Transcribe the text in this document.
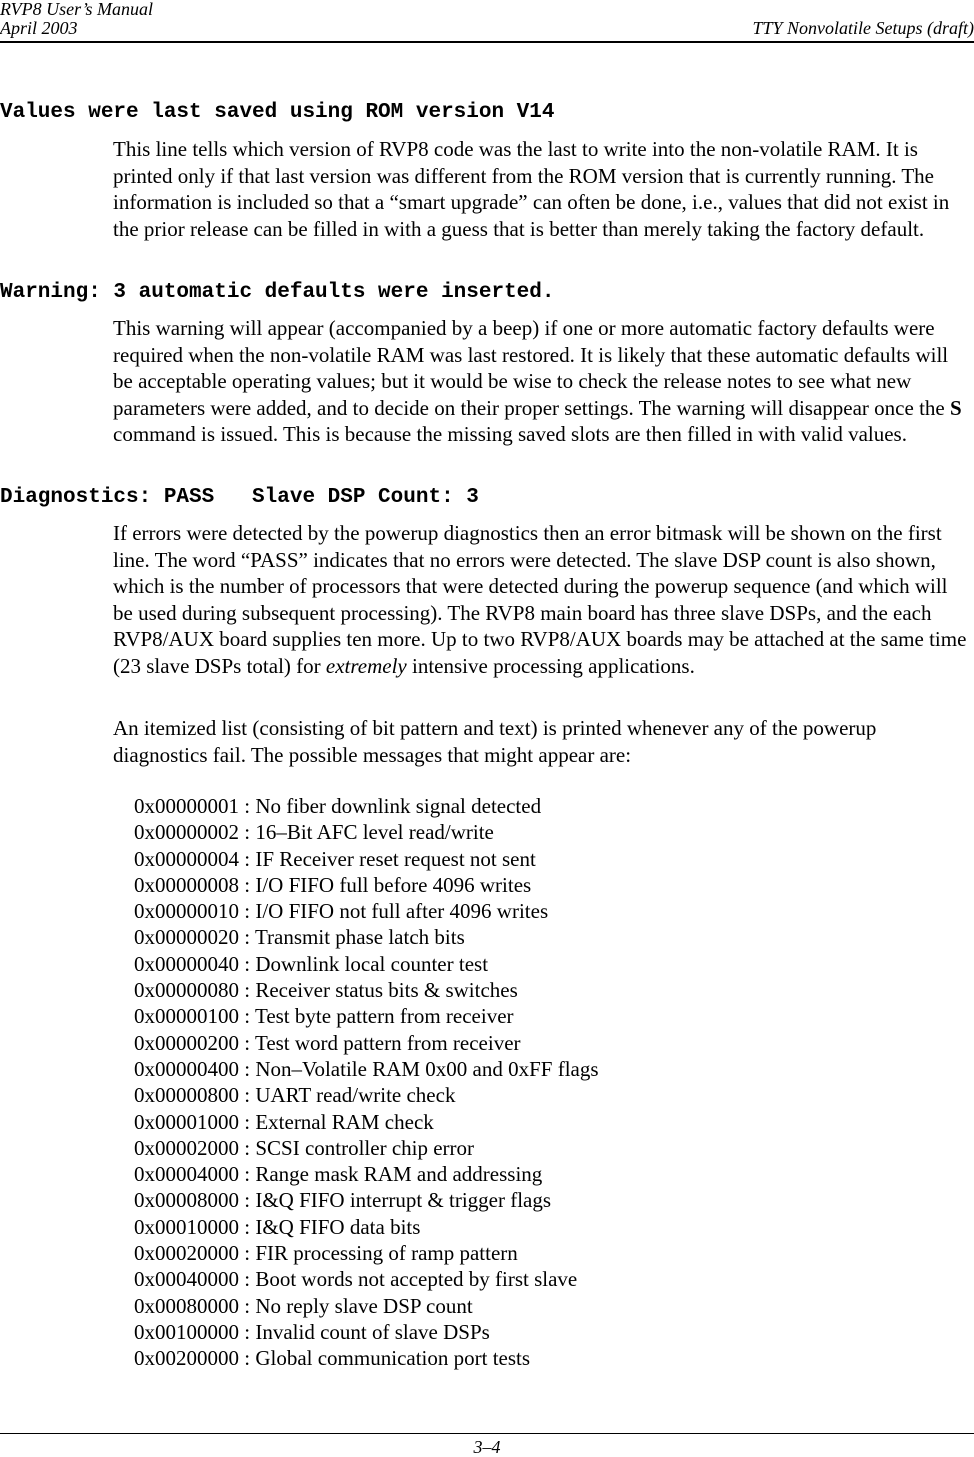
RVP8 User’s Manual
April 2003	TTY Nonvolatile Setups (draft)
Values were last saved using ROM version V14

This line tells which version of RVP8 code was the last to write into the non-volatile RAM. It is printed only if that last version was different from the ROM version that is currently running. The information is included so that a “smart upgrade” can often be done, i.e., values that did not exist in the prior release can be filled in with a guess that is better than merely taking the factory default.

Warning: 3 automatic defaults were inserted.

This warning will appear (accompanied by a beep) if one or more automatic factory defaults were required when the non-volatile RAM was last restored. It is likely that these automatic defaults will be acceptable operating values; but it would be wise to check the release notes to see what new parameters were added, and to decide on their proper settings. The warning will disappear once the S command is issued. This is because the missing saved slots are then filled in with valid values.

Diagnostics: PASS   Slave DSP Count: 3

If errors were detected by the powerup diagnostics then an error bitmask will be shown on the first line. The word “PASS” indicates that no errors were detected. The slave DSP count is also shown, which is the number of processors that were detected during the powerup sequence (and which will be used during subsequent processing). The RVP8 main board has three slave DSPs, and the each RVP8/AUX board supplies ten more. Up to two RVP8/AUX boards may be attached at the same time (23 slave DSPs total) for extremely intensive processing applications.

An itemized list (consisting of bit pattern and text) is printed whenever any of the powerup diagnostics fail. The possible messages that might appear are:

0x00000001 : No fiber downlink signal detected
0x00000002 : 16–Bit AFC level read/write
0x00000004 : IF Receiver reset request not sent
0x00000008 : I/O FIFO full before 4096 writes
0x00000010 : I/O FIFO not full after 4096 writes
0x00000020 : Transmit phase latch bits
0x00000040 : Downlink local counter test
0x00000080 : Receiver status bits & switches
0x00000100 : Test byte pattern from receiver
0x00000200 : Test word pattern from receiver
0x00000400 : Non–Volatile RAM 0x00 and 0xFF flags
0x00000800 : UART read/write check
0x00001000 : External RAM check
0x00002000 : SCSI controller chip error
0x00004000 : Range mask RAM and addressing
0x00008000 : I&Q FIFO interrupt & trigger flags
0x00010000 : I&Q FIFO data bits
0x00020000 : FIR processing of ramp pattern
0x00040000 : Boot words not accepted by first slave
0x00080000 : No reply slave DSP count
0x00100000 : Invalid count of slave DSPs
0x00200000 : Global communication port tests
3–4
